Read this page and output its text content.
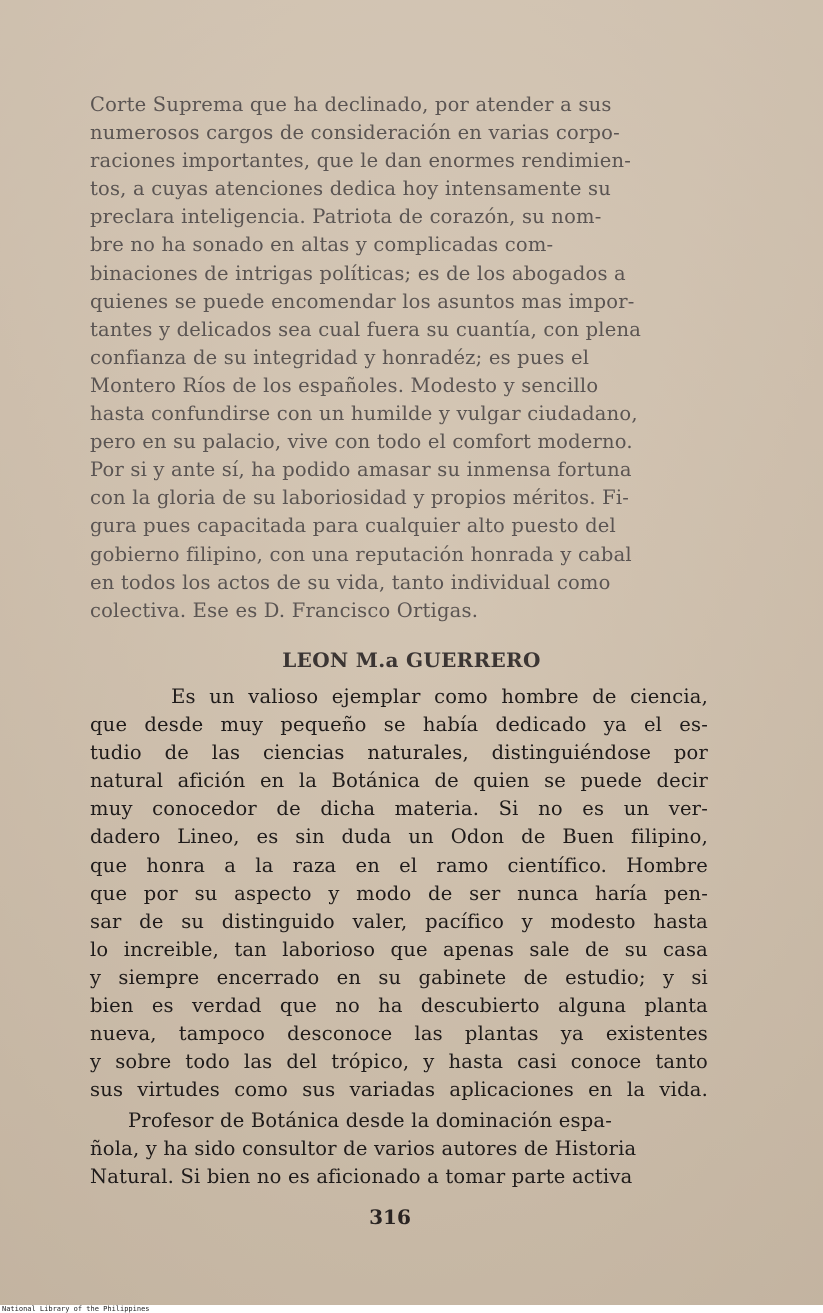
Corte Suprema que ha declinado, por atender a sus
numerosos cargos de consideración en varias corpo-
raciones importantes, que le dan enormes rendimien-
tos, a cuyas atenciones dedica hoy intensamente su
preclara inteligencia. Patriota de corazón, su nom-
bre no ha sonado en altas y complicadas com-
binaciones de intrigas políticas; es de los abogados a
quienes se puede encomendar los asuntos mas impor-
tantes y delicados sea cual fuera su cuantía, con plena
confianza de su integridad y honradéz; es pues el
Montero Ríos de los españoles. Modesto y sencillo
hasta confundirse con un humilde y vulgar ciudadano,
pero en su palacio, vive con todo el comfort moderno.
Por si y ante sí, ha podido amasar su inmensa fortuna
con la gloria de su laboriosidad y propios méritos. Fi-
gura pues capacitada para cualquier alto puesto del
gobierno filipino, con una reputación honrada y cabal
en todos los actos de su vida, tanto individual como
colectiva. Ese es D. Francisco Ortigas.

LEON M.a GUERRERO

Es un valioso ejemplar como hombre de ciencia,
que desde muy pequeño se había dedicado ya el es-
tudio de las ciencias naturales, distinguiéndose por
natural afición en la Botánica de quien se puede decir
muy conocedor de dicha materia. Si no es un ver-
dadero Lineo, es sin duda un Odon de Buen filipino,
que honra a la raza en el ramo científico. Hombre
que por su aspecto y modo de ser nunca haría pen-
sar de su distinguido valer, pacífico y modesto hasta
lo increible, tan laborioso que apenas sale de su casa
y siempre encerrado en su gabinete de estudio; y si
bien es verdad que no ha descubierto alguna planta
nueva, tampoco desconoce las plantas ya existentes
y sobre todo las del trópico, y hasta casi conoce tanto
sus virtudes como sus variadas aplicaciones en la vida.

Profesor de Botánica desde la dominación espa-
ñola, y ha sido consultor de varios autores de Historia
Natural. Si bien no es aficionado a tomar parte activa

316
National Library of the Philippines
